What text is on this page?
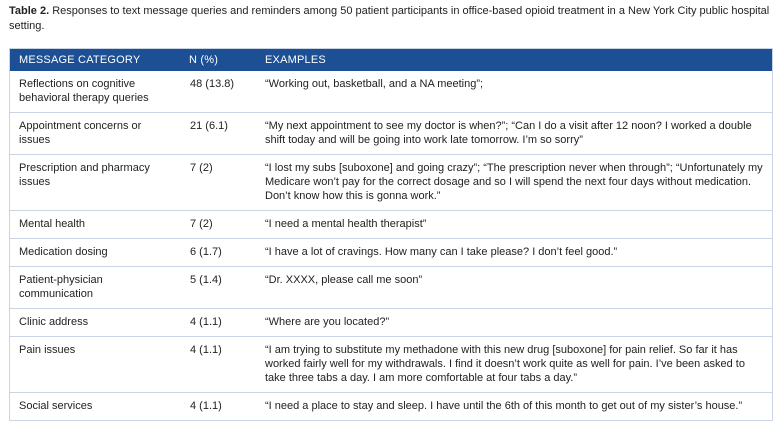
Table 2. Responses to text message queries and reminders among 50 patient participants in office-based opioid treatment in a New York City public hospital setting.
MESSAGE CATEGORY	N (%)	EXAMPLES
Reflections on cognitive behavioral therapy queries	48 (13.8)	“Working out, basketball, and a NA meeting”;
Appointment concerns or issues	21 (6.1)	“My next appointment to see my doctor is when?”; “Can I do a visit after 12 noon? I worked a double shift today and will be going into work late tomorrow. I’m so sorry”
Prescription and pharmacy issues	7 (2)	“I lost my subs [suboxone] and going crazy”; “The prescription never when through”; “Unfortunately my Medicare won’t pay for the correct dosage and so I will spend the next four days without medication. Don’t know how this is gonna work.”
Mental health	7 (2)	“I need a mental health therapist”
Medication dosing	6 (1.7)	“I have a lot of cravings. How many can I take please? I don’t feel good.”
Patient-physician communication	5 (1.4)	“Dr. XXXX, please call me soon”
Clinic address	4 (1.1)	“Where are you located?”
Pain issues	4 (1.1)	“I am trying to substitute my methadone with this new drug [suboxone] for pain relief. So far it has worked fairly well for my withdrawals. I find it doesn’t work quite as well for pain. I’ve been asked to take three tabs a day. I am more comfortable at four tabs a day.”
Social services	4 (1.1)	“I need a place to stay and sleep. I have until the 6th of this month to get out of my sister’s house.”
